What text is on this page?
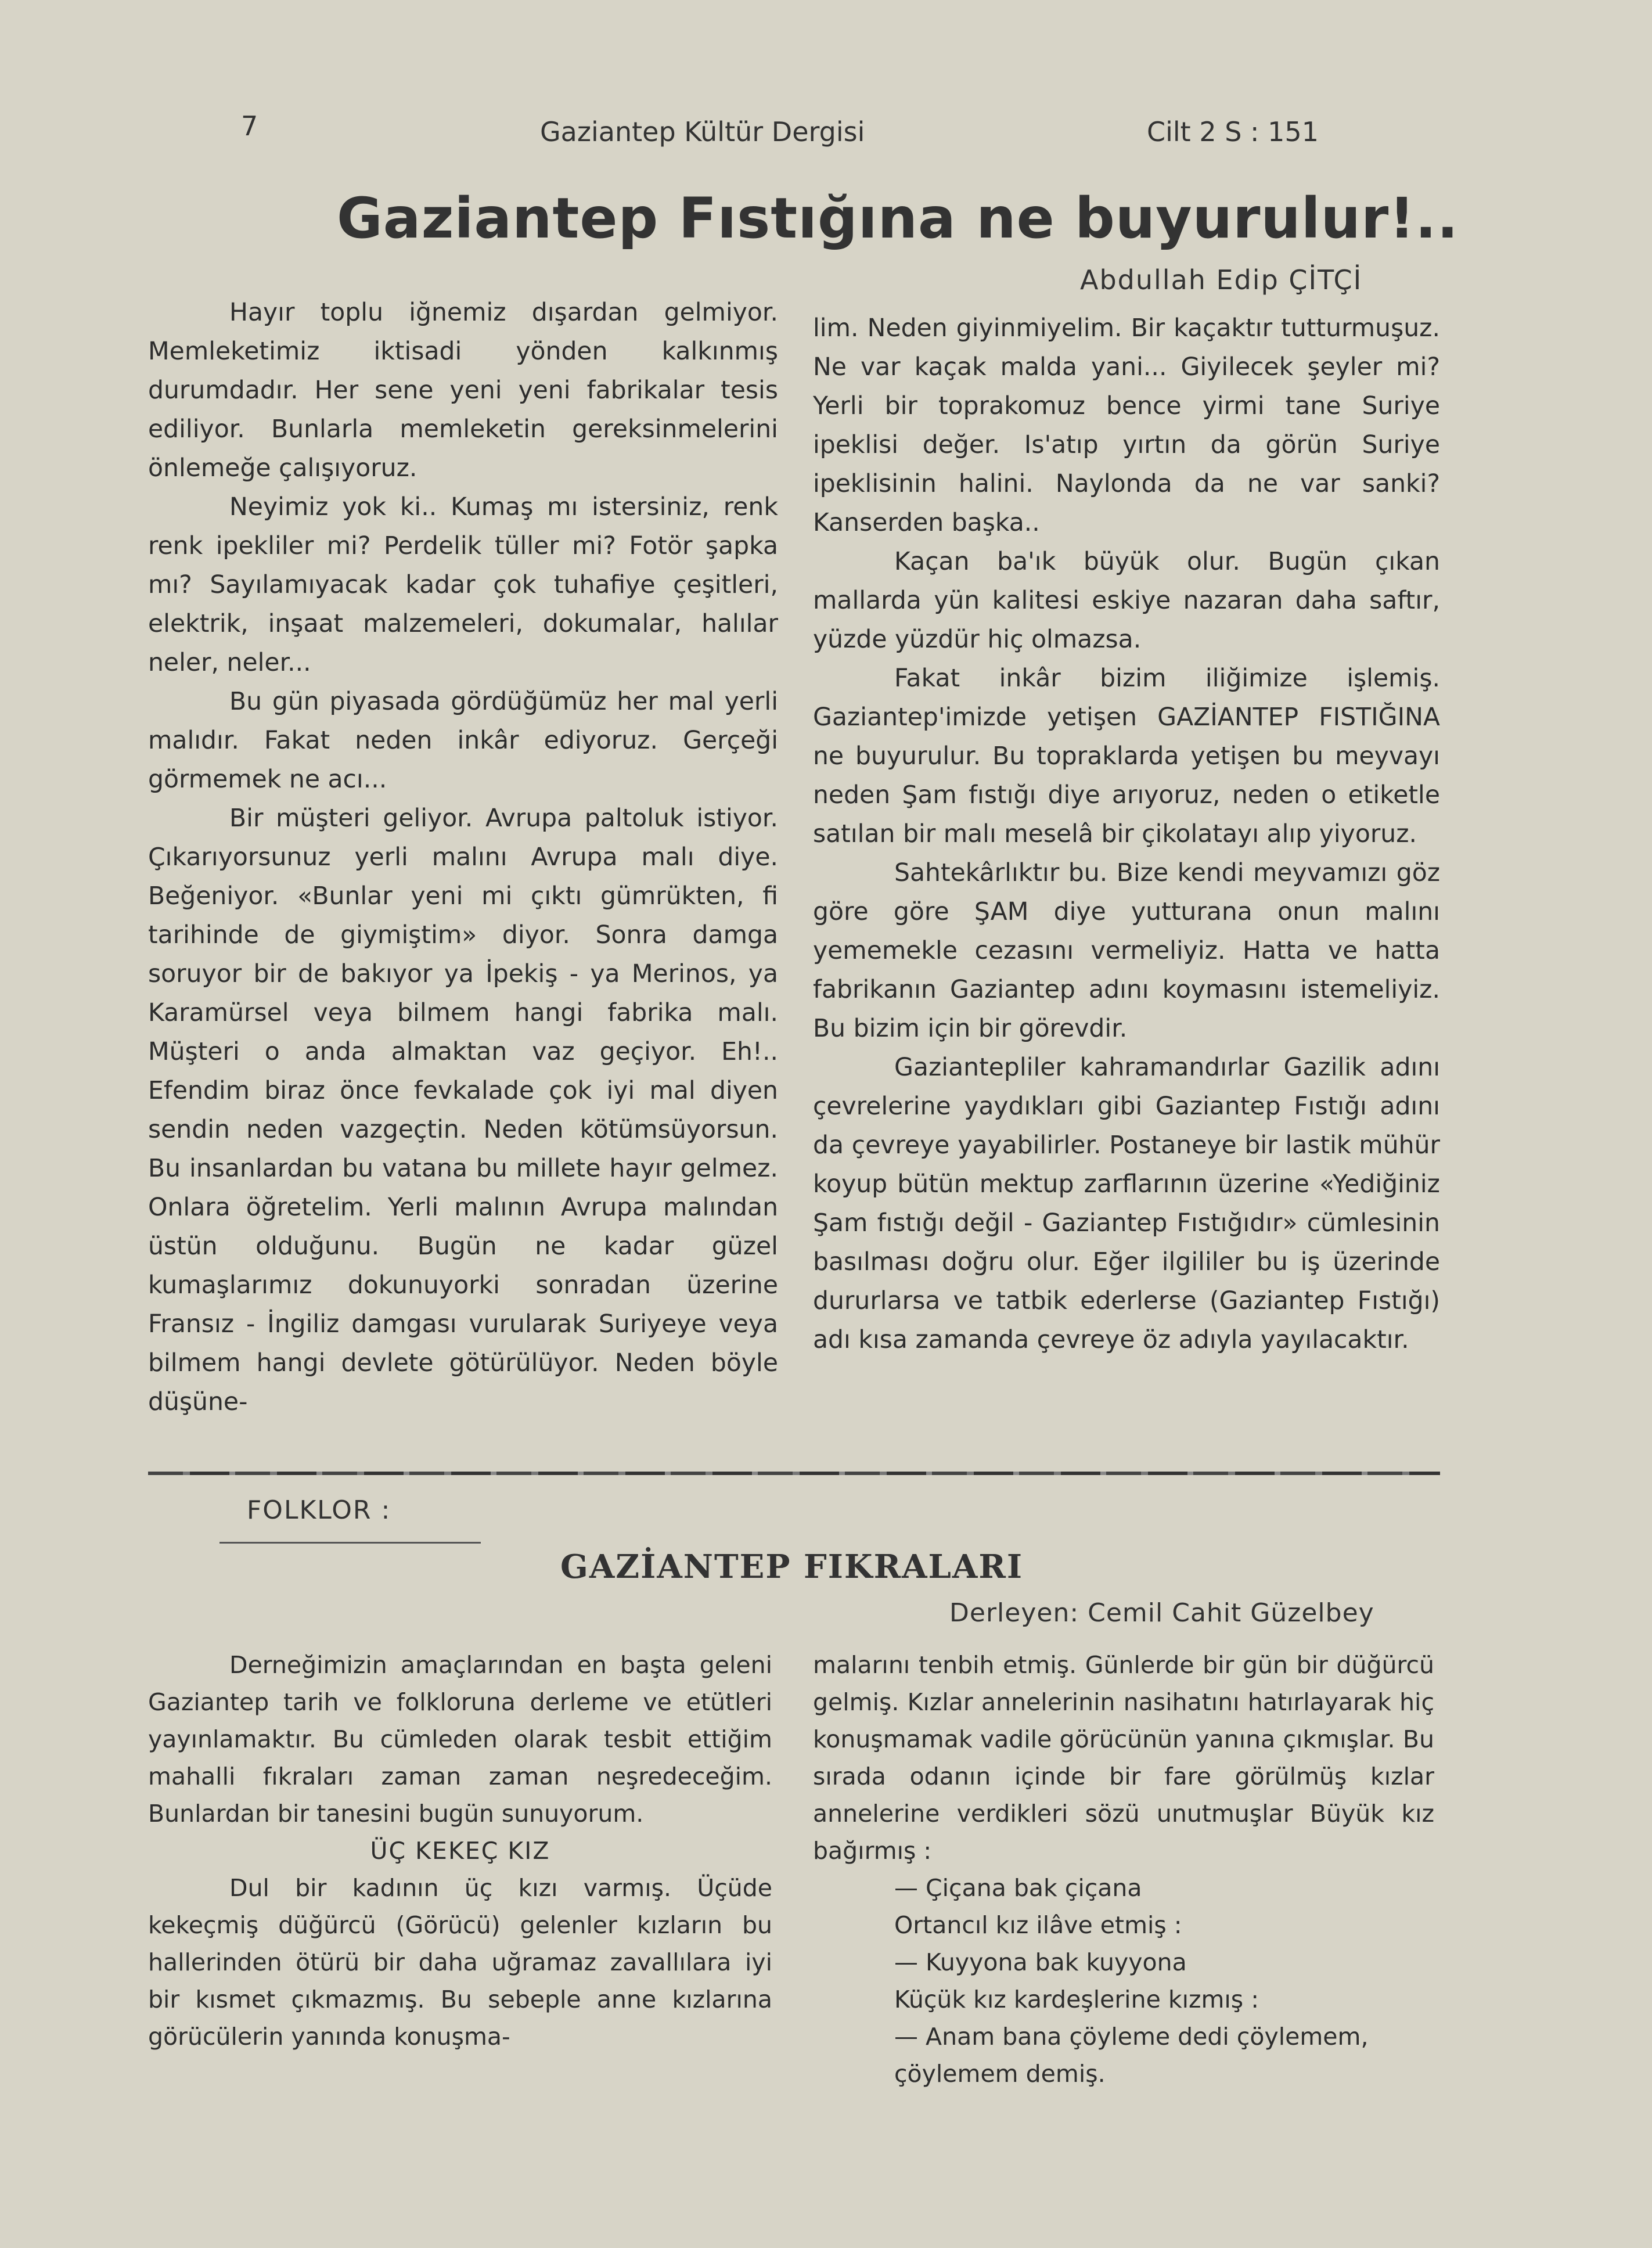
7	Gaziantep Kültür Dergisi	Cilt 2 S : 151
Gaziantep Fıstığına ne buyurulur!..
Abdullah Edip ÇİTÇİ

Hayır toplu iğnemiz dışardan gelmiyor. Memleketimiz iktisadi yönden kalkınmış durumdadır. Her sene yeni yeni fabrikalar tesis ediliyor. Bunlarla memleketin gereksinmelerini önlemeğe çalışıyoruz.

Neyimiz yok ki.. Kumaş mı istersiniz, renk renk ipekliler mi? Perdelik tüller mi? Fotör şapka mı? Sayılamıyacak kadar çok tuhafiye çeşitleri, elektrik, inşaat malzemeleri, dokumalar, halılar neler, neler...

Bu gün piyasada gördüğümüz her mal yerli malıdır. Fakat neden inkâr ediyoruz. Gerçeği görmemek ne acı...

Bir müşteri geliyor. Avrupa paltoluk istiyor. Çıkarıyorsunuz yerli malını Avrupa malı diye. Beğeniyor. «Bunlar yeni mi çıktı gümrükten, fi tarihinde de giymiştim» diyor. Sonra damga soruyor bir de bakıyor ya İpekiş - ya Merinos, ya Karamürsel veya bilmem hangi fabrika malı. Müşteri o anda almaktan vaz geçiyor. Eh!.. Efendim biraz önce fevkalade çok iyi mal diyen sendin neden vazgeçtin. Neden kötümsüyorsun. Bu insanlardan bu vatana bu millete hayır gelmez. Onlara öğretelim. Yerli malının Avrupa malından üstün olduğunu. Bugün ne kadar güzel kumaşlarımız dokunuyorki sonradan üzerine Fransız - İngiliz damgası vurularak Suriyeye veya bilmem hangi devlete götürülüyor. Neden böyle düşüne-

lim. Neden giyinmiyelim. Bir kaçaktır tutturmuşuz. Ne var kaçak malda yani... Giyilecek şeyler mi? Yerli bir toprakomuz bence yirmi tane Suriye ipeklisi değer. Is'atıp yırtın da görün Suriye ipeklisinin halini. Naylonda da ne var sanki? Kanserden başka..

Kaçan ba'ık büyük olur. Bugün çıkan mallarda yün kalitesi eskiye nazaran daha saftır, yüzde yüzdür hiç olmazsa.

Fakat inkâr bizim iliğimize işlemiş. Gaziantep'imizde yetişen GAZİANTEP FISTIĞINA ne buyurulur. Bu topraklarda yetişen bu meyvayı neden Şam fıstığı diye arıyoruz, neden o etiketle satılan bir malı meselâ bir çikolatayı alıp yiyoruz.

Sahtekârlıktır bu. Bize kendi meyvamızı göz göre göre ŞAM diye yutturana onun malını yememekle cezasını vermeliyiz. Hatta ve hatta fabrikanın Gaziantep adını koymasını istemeliyiz. Bu bizim için bir görevdir.

Gaziantepliler kahramandırlar Gazilik adını çevrelerine yaydıkları gibi Gaziantep Fıstığı adını da çevreye yayabilirler. Postaneye bir lastik mühür koyup bütün mektup zarflarının üzerine «Yediğiniz Şam fıstığı değil - Gaziantep Fıstığıdır» cümlesinin basılması doğru olur. Eğer ilgililer bu iş üzerinde dururlarsa ve tatbik ederlerse (Gaziantep Fıstığı) adı kısa zamanda çevreye öz adıyla yayılacaktır.

FOLKLOR :
GAZİANTEP FIKRALARI
Derleyen: Cemil Cahit Güzelbey

Derneğimizin amaçlarından en başta geleni Gaziantep tarih ve folkloruna derleme ve etütleri yayınlamaktır. Bu cümleden olarak tesbit ettiğim mahalli fıkraları zaman zaman neşredeceğim. Bunlardan bir tanesini bugün sunuyorum.

ÜÇ KEKEÇ KIZ

Dul bir kadının üç kızı varmış. Üçüde kekeçmiş düğürcü (Görücü) gelenler kızların bu hallerinden ötürü bir daha uğramaz zavallılara iyi bir kısmet çıkmazmış. Bu sebeple anne kızlarına görücülerin yanında konuşma-

malarını tenbih etmiş. Günlerde bir gün bir düğürcü gelmiş. Kızlar annelerinin nasihatını hatırlayarak hiç konuşmamak vadile görücünün yanına çıkmışlar. Bu sırada odanın içinde bir fare görülmüş kızlar annelerine verdikleri sözü unutmuşlar Büyük kız bağırmış :

— Çiçana bak çiçana

Ortancıl kız ilâve etmiş :

— Kuyyona bak kuyyona

Küçük kız kardeşlerine kızmış :

— Anam bana çöyleme dedi çöylemem, çöylemem demiş.
